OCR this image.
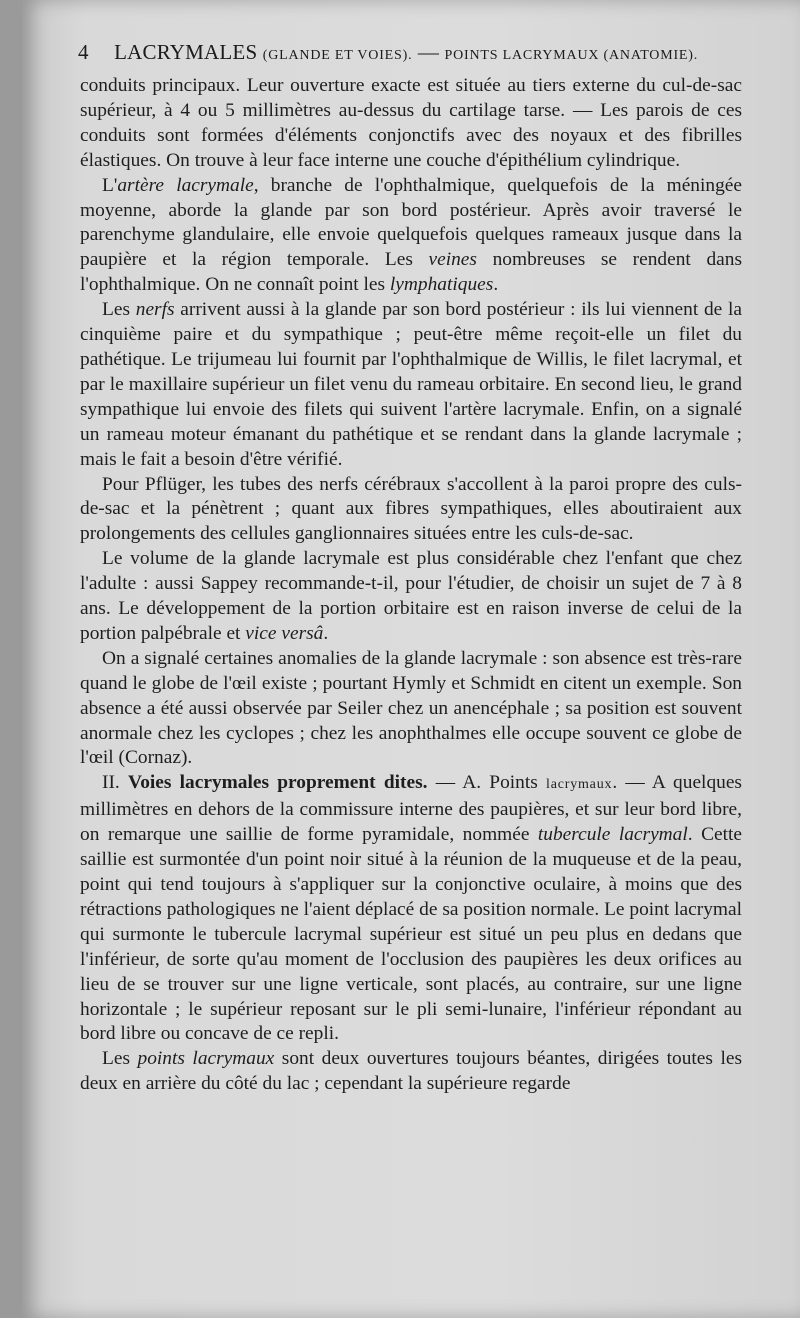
4 LACRYMALES (GLANDE ET VOIES). — POINTS LACRYMAUX (ANATOMIE).

conduits principaux. Leur ouverture exacte est située au tiers externe du cul-de-sac supérieur, à 4 ou 5 millimètres au-dessus du cartilage tarse. — Les parois de ces conduits sont formées d'éléments conjonctifs avec des noyaux et des fibrilles élastiques. On trouve à leur face interne une couche d'épithélium cylindrique.

L'artère lacrymale, branche de l'ophthalmique, quelquefois de la méningée moyenne, aborde la glande par son bord postérieur. Après avoir traversé le parenchyme glandulaire, elle envoie quelquefois quelques rameaux jusque dans la paupière et la région temporale. Les veines nombreuses se rendent dans l'ophthalmique. On ne connaît point les lymphatiques.

Les nerfs arrivent aussi à la glande par son bord postérieur : ils lui viennent de la cinquième paire et du sympathique ; peut-être même reçoit-elle un filet du pathétique. Le trijumeau lui fournit par l'ophthalmique de Willis, le filet lacrymal, et par le maxillaire supérieur un filet venu du rameau orbitaire. En second lieu, le grand sympathique lui envoie des filets qui suivent l'artère lacrymale. Enfin, on a signalé un rameau moteur émanant du pathétique et se rendant dans la glande lacrymale ; mais le fait a besoin d'être vérifié.

Pour Pflüger, les tubes des nerfs cérébraux s'accollent à la paroi propre des culs-de-sac et la pénètrent ; quant aux fibres sympathiques, elles aboutiraient aux prolongements des cellules ganglionnaires situées entre les culs-de-sac.

Le volume de la glande lacrymale est plus considérable chez l'enfant que chez l'adulte : aussi Sappey recommande-t-il, pour l'étudier, de choisir un sujet de 7 à 8 ans. Le développement de la portion orbitaire est en raison inverse de celui de la portion palpébrale et vice versâ.

On a signalé certaines anomalies de la glande lacrymale : son absence est très-rare quand le globe de l'œil existe ; pourtant Hymly et Schmidt en citent un exemple. Son absence a été aussi observée par Seiler chez un anencéphale ; sa position est souvent anormale chez les cyclopes ; chez les anophthalmes elle occupe souvent ce globe de l'œil (Cornaz).

II. Voies lacrymales proprement dites. — A. Points lacrymaux. — A quelques millimètres en dehors de la commissure interne des paupières, et sur leur bord libre, on remarque une saillie de forme pyramidale, nommée tubercule lacrymal. Cette saillie est surmontée d'un point noir situé à la réunion de la muqueuse et de la peau, point qui tend toujours à s'appliquer sur la conjonctive oculaire, à moins que des rétractions pathologiques ne l'aient déplacé de sa position normale. Le point lacrymal qui surmonte le tubercule lacrymal supérieur est situé un peu plus en dedans que l'inférieur, de sorte qu'au moment de l'occlusion des paupières les deux orifices au lieu de se trouver sur une ligne verticale, sont placés, au contraire, sur une ligne horizontale ; le supérieur reposant sur le pli semi-lunaire, l'inférieur répondant au bord libre ou concave de ce repli.

Les points lacrymaux sont deux ouvertures toujours béantes, dirigées toutes les deux en arrière du côté du lac ; cependant la supérieure regarde
